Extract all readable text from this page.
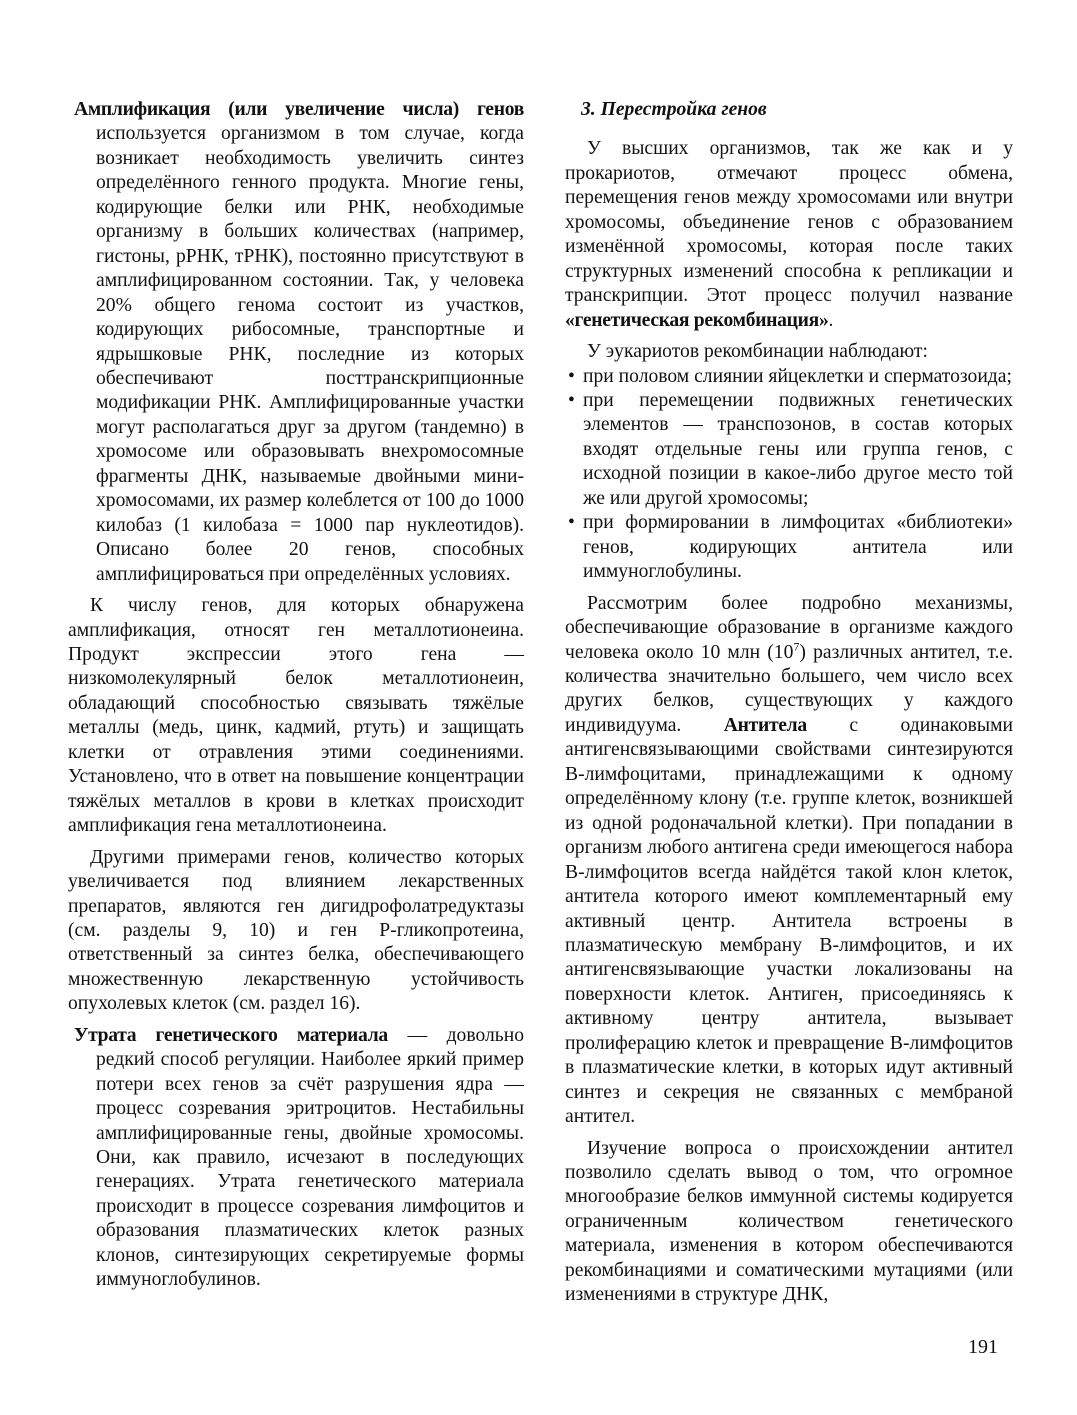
Амплификация (или увеличение числа) генов используется организмом в том случае, когда возникает необходимость увеличить синтез определённого генного продукта. Многие гены, кодирующие белки или РНК, необходимые организму в больших количествах (например, гистоны, рРНК, тРНК), постоянно присутствуют в амплифицированном состоянии. Так, у человека 20% общего генома состоит из участков, кодирующих рибосомные, транспортные и ядрышковые РНК, последние из которых обеспечивают посттранскрипционные модификации РНК. Амплифицированные участки могут располагаться друг за другом (тандемно) в хромосоме или образовывать внехромосомные фрагменты ДНК, называемые двойными мини-хромосомами, их размер колеблется от 100 до 1000 килобаз (1 килобаза = 1000 пар нуклеотидов). Описано более 20 генов, способных амплифицироваться при определённых условиях.

К числу генов, для которых обнаружена амплификация, относят ген металлотионеина. Продукт экспрессии этого гена — низкомолекулярный белок металлотионеин, обладающий способностью связывать тяжёлые металлы (медь, цинк, кадмий, ртуть) и защищать клетки от отравления этими соединениями. Установлено, что в ответ на повышение концентрации тяжёлых металлов в крови в клетках происходит амплификация гена металлотионеина.

Другими примерами генов, количество которых увеличивается под влиянием лекарственных препаратов, являются ген дигидрофолатредуктазы (см. разделы 9, 10) и ген Р-гликопротеина, ответственный за синтез белка, обеспечивающего множественную лекарственную устойчивость опухолевых клеток (см. раздел 16).

Утрата генетического материала — довольно редкий способ регуляции. Наиболее яркий пример потери всех генов за счёт разрушения ядра — процесс созревания эритроцитов. Нестабильны амплифицированные гены, двойные хромосомы. Они, как правило, исчезают в последующих генерациях. Утрата генетического материала происходит в процессе созревания лимфоцитов и образования плазматических клеток разных клонов, синтезирующих секретируемые формы иммуноглобулинов.

3. Перестройка генов

У высших организмов, так же как и у прокариотов, отмечают процесс обмена, перемещения генов между хромосомами или внутри хромосомы, объединение генов с образованием изменённой хромосомы, которая после таких структурных изменений способна к репликации и транскрипции. Этот процесс получил название «генетическая рекомбинация».

У эукариотов рекомбинации наблюдают:

• при половом слиянии яйцеклетки и сперматозоида;
• при перемещении подвижных генетических элементов — транспозонов, в состав которых входят отдельные гены или группа генов, с исходной позиции в какое-либо другое место той же или другой хромосомы;
• при формировании в лимфоцитах «библиотеки» генов, кодирующих антитела или иммуноглобулины.

Рассмотрим более подробно механизмы, обеспечивающие образование в организме каждого человека около 10 млн $(10^7)$ различных антител, т.е. количества значительно большего, чем число всех других белков, существующих у каждого индивидуума. Антитела с одинаковыми антигенсвязывающими свойствами синтезируются В-лимфоцитами, принадлежащими к одному определённому клону (т.е. группе клеток, возникшей из одной родоначальной клетки). При попадании в организм любого антигена среди имеющегося набора В-лимфоцитов всегда найдётся такой клон клеток, антитела которого имеют комплементарный ему активный центр. Антитела встроены в плазматическую мембрану В-лимфоцитов, и их антигенсвязывающие участки локализованы на поверхности клеток. Антиген, присоединяясь к активному центру антитела, вызывает пролиферацию клеток и превращение В-лимфоцитов в плазматические клетки, в которых идут активный синтез и секреция не связанных с мембраной антител.

Изучение вопроса о происхождении антител позволило сделать вывод о том, что огромное многообразие белков иммунной системы кодируется ограниченным количеством генетического материала, изменения в котором обеспечиваются рекомбинациями и соматическими мутациями (или изменениями в структуре ДНК,

191
